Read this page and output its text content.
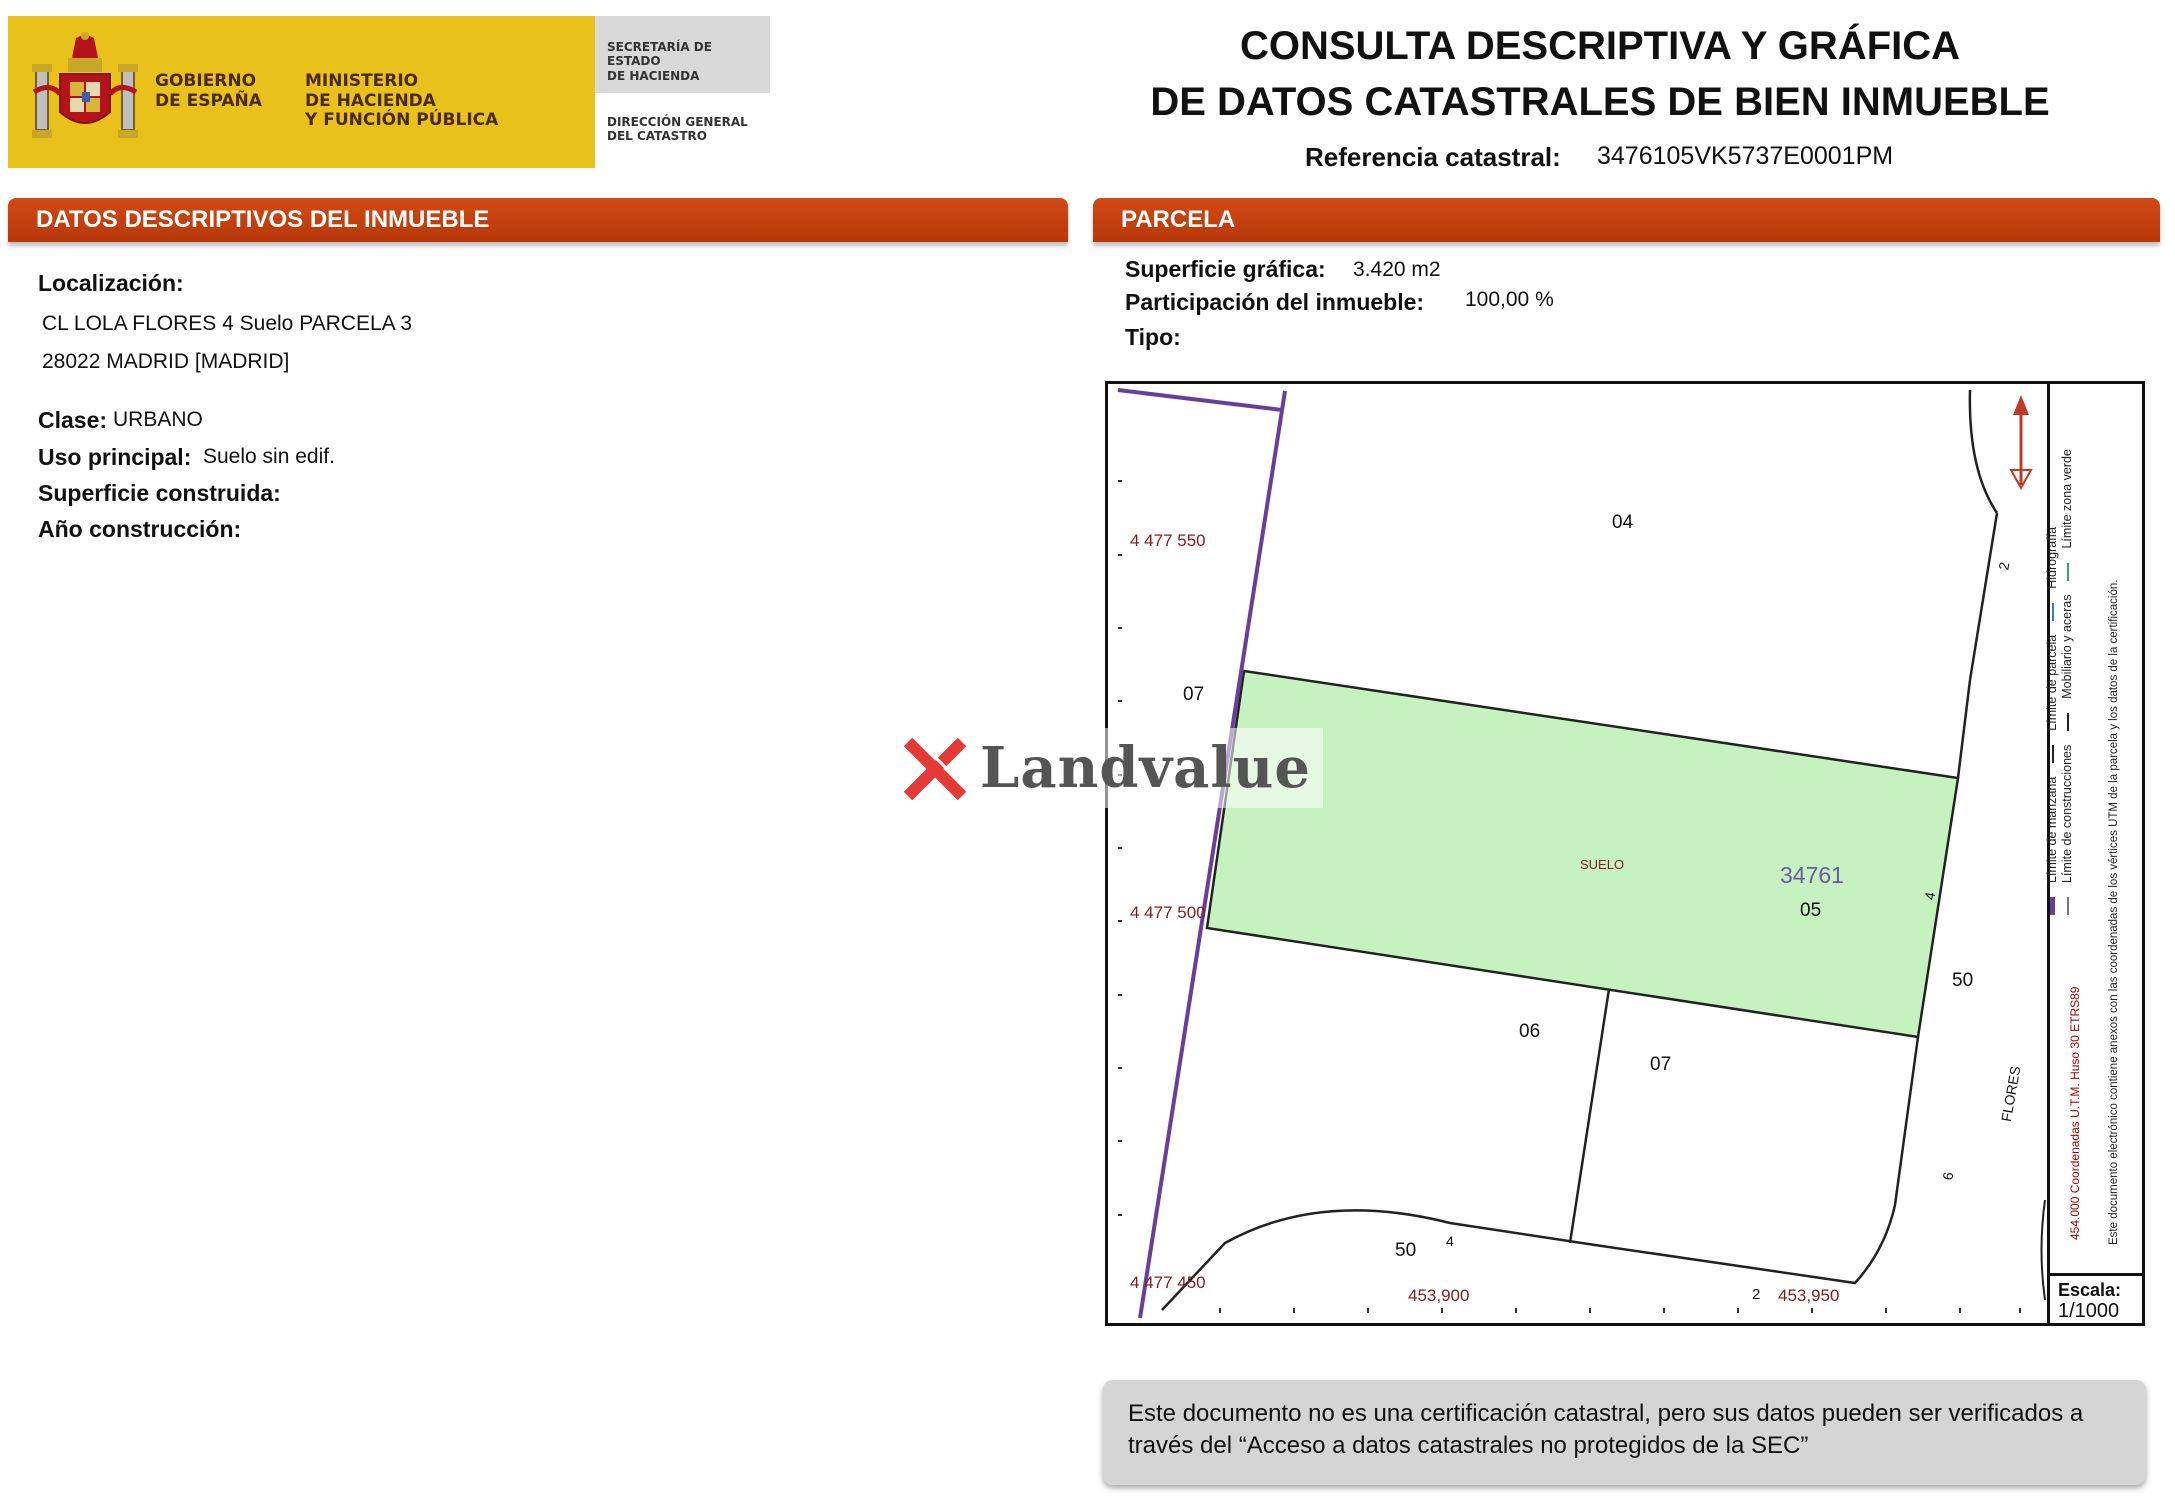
GOBIERNO
DE ESPAÑA
MINISTERIO
DE HACIENDA
Y FUNCIÓN PÚBLICA
SECRETARÍA DE ESTADO
DE HACIENDA
DIRECCIÓN GENERAL
DEL CATASTRO
CONSULTA DESCRIPTIVA Y GRÁFICA
DE DATOS CATASTRALES DE BIEN INMUEBLE
Referencia catastral: 3476105VK5737E0001PM
DATOS DESCRIPTIVOS DEL INMUEBLE
Localización:
CL LOLA FLORES 4 Suelo PARCELA 3
28022 MADRID [MADRID]
Clase: URBANO
Uso principal: Suelo sin edif.
Superficie construida:
Año construcción:
PARCELA
Superficie gráfica: 3.420 m2
Participación del inmueble: 100,00 %
Tipo:
4 477 550
4 477 500
4 477 450
453,900	453,950
04
07
05
06
07
50
50
34761
SUELO
FLORES
2
4
6
4
2
Límite de manzana
Límite de parcela
Hidrografía
Límite de construcciones
Mobiliario y aceras
Límite zona verde
454.000 Coordenadas U.T.M. Huso 30 ETRS89 Este documento electrónico contiene anexos con las coordenadas de los vértices UTM de la parcela y los datos de la certificación.
Escala:
1/1000
Landvalue
Este documento no es una certificación catastral, pero sus datos pueden ser verificados a
través del “Acceso a datos catastrales no protegidos de la SEC”
